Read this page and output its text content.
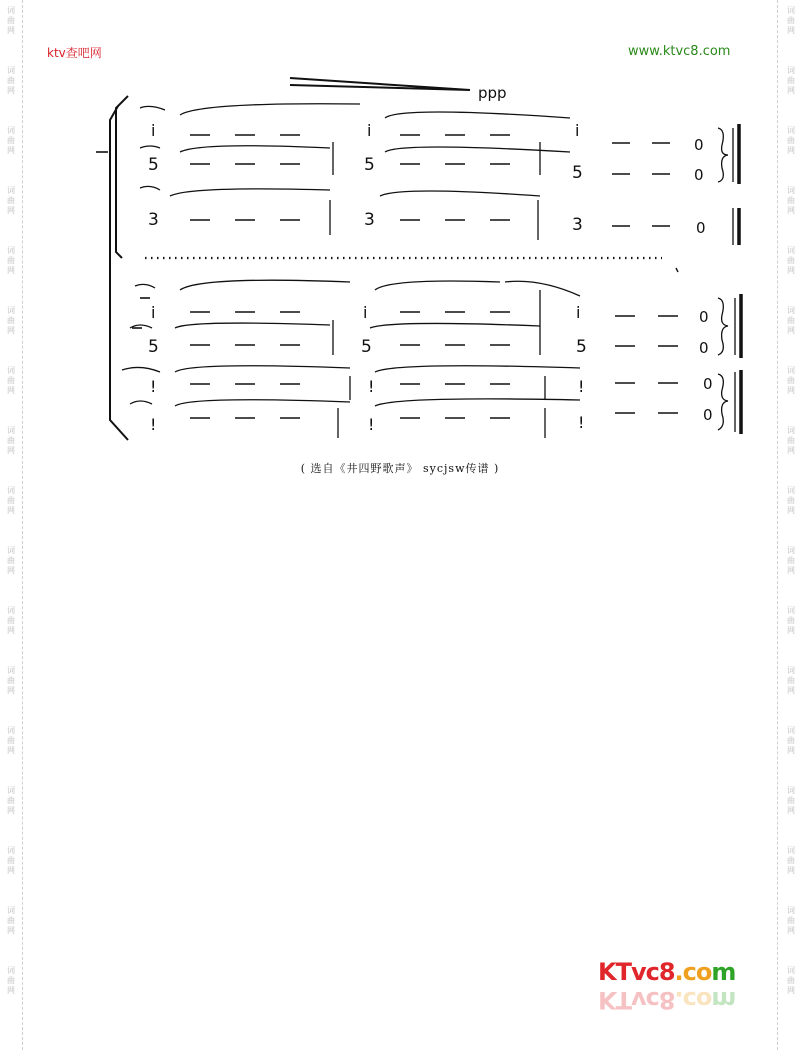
词
曲
网
词
曲
网
词
曲
网
词
曲
网
词
曲
网
词
曲
网
词
曲
网
词
曲
网
词
曲
网
词
曲
网
词
曲
网
词
曲
网
词
曲
网
词
曲
网
词
曲
网
词
曲
网
词
曲
网
词
曲
网
词
曲
网
词
曲
网
词
曲
网
词
曲
网
词
曲
网
词
曲
网
词
曲
网
词
曲
网
词
曲
网
词
曲
网
词
曲
网
词
曲
网
词
曲
网
词
曲
网
词
曲
网
词
曲
网
ktv查吧网	www.ktvc8.com
ppp
i	i	i
0
5	5	5	0
3	3	3	0
i	i	i	0
5	5	5	0
!	!	!	0
!	!	!	0
( 选自《井四野歌声》 sycjsw传谱 )
KTvc8.com
KTvc8.com
